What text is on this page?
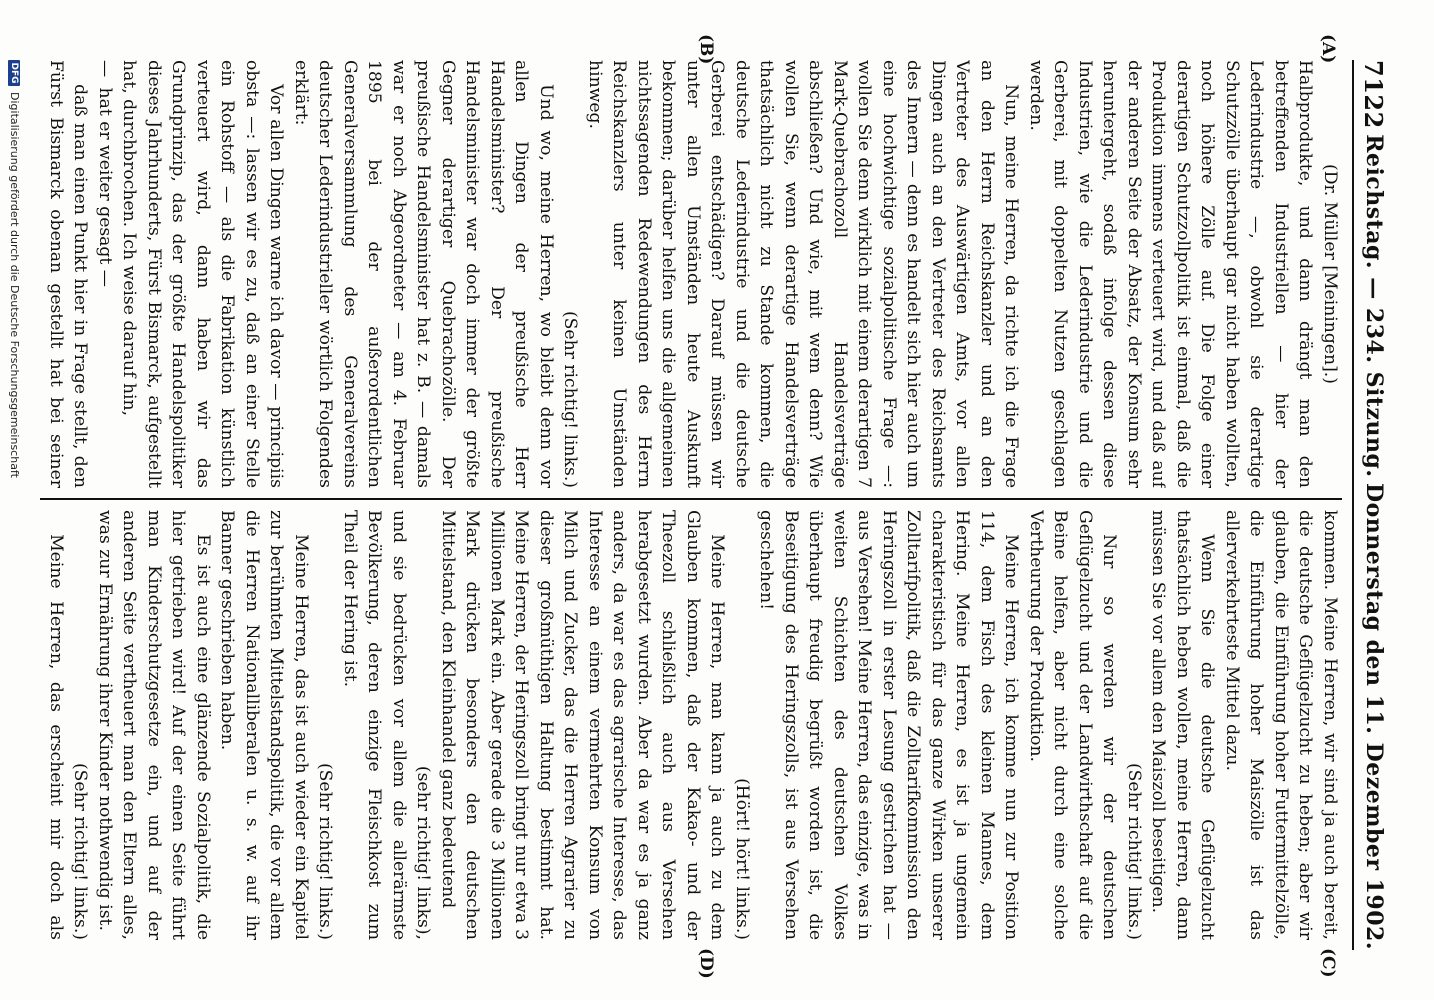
7122
Reichstag. — 234. Sitzung.
Donnerstag den 11. Dezember 1902.
(A)
(B)
(C)
(D)

(Dr. Müller [Meiningen].)

Halbprodukte, und dann drängt man den betreffenden Industriellen — hier der Lederindustrie —, obwohl sie derartige Schutzzölle überhaupt gar nicht haben wollten, noch höhere Zölle auf. Die Folge einer derartigen Schutzzollpolitik ist einmal, daß die Produktion immens verteuert wird, und daß auf der anderen Seite der Absatz, der Konsum sehr heruntergeht, sodaß infolge dessen diese Industrien, wie die Lederindustrie und die Gerberei, mit doppelten Nutzen geschlagen werden.

Nun, meine Herren, da richte ich die Frage an den Herrn Reichskanzler und an den Vertreter des Auswärtigen Amts, vor allen Dingen auch an den Vertreter des Reichsamts des Innern — denn es handelt sich hier auch um eine hochwichtige sozialpolitische Frage —: wollen Sie denn wirklich mit einem derartigen 7 Mark-Quebrachozoll Handelsverträge abschließen? Und wie, mit wem denn? Wie wollen Sie, wenn derartige Handelsverträge thatsächlich nicht zu Stande kommen, die deutsche Lederindustrie und die deutsche Gerberei entschädigen? Darauf müssen wir unter allen Umständen heute Auskunft bekommen; darüber helfen uns die allgemeinen nichtssagenden Redewendungen des Herrn Reichskanzlers unter keinen Umständen hinweg.

(Sehr richtig! links.)

Und wo, meine Herren, wo bleibt denn vor allen Dingen der preußische Herr Handelsminister? Der preußische Handelsminister war doch immer der größte Gegner derartiger Quebrachozölle. Der preußische Handelsminister hat z. B. — damals war er noch Abgeordneter — am 4. Februar 1895 bei der außerordentlichen Generalversammlung des Generalvereins deutscher Lederindustrieller wörtlich Folgendes erklärt:

Vor allen Dingen warne ich davor — principiis obsta —: lassen wir es zu, daß an einer Stelle ein Rohstoff — als die Fabrikation künstlich verteuert wird, dann haben wir das Grundprinzip, das der größte Handelspolitiker dieses Jahrhunderts, Fürst Bismarck, aufgestellt hat, durchbrochen. Ich weise darauf hin,

— hat er weiter gesagt —

daß man einen Punkt hier in Frage stellt, den Fürst Bismarck obenan gestellt hat bei seiner

kommen. Meine Herren, wir sind ja auch bereit, die deutsche Geflügelzucht zu heben; aber wir glauben, die Einführung hoher Futtermittelzölle, die Einführung hoher Maiszölle ist das allerverkehrteste Mittel dazu.

Wenn Sie die deutsche Geflügelzucht thatsächlich heben wollen, meine Herren, dann müssen Sie vor allem den Maiszoll beseitigen.

(Sehr richtig! links.)

Nur so werden wir der deutschen Geflügelzucht und der Landwirthschaft auf die Beine helfen, aber nicht durch eine solche Vertheurung der Produktion.

Meine Herren, ich komme nun zur Position 114, dem Fisch des kleinen Mannes, dem Hering. Meine Herren, es ist ja ungemein charakteristisch für das ganze Wirken unserer Zolltarifpolitik, daß die Zolltarifkommission den Heringszoll in erster Lesung gestrichen hat — aus Versehen! Meine Herren, das einzige, was in weiten Schichten des deutschen Volkes überhaupt freudig begrüßt worden ist, die Beseitigung des Heringszolls, ist aus Versehen geschehen!

(Hört! hört! links.)

Meine Herren, man kann ja auch zu dem Glauben kommen, daß der Kakao- und der Theezoll schließlich auch aus Versehen herabgesetzt wurden. Aber da war es ja ganz anders, da war es das agrarische Interesse, das Interesse an einem vermehrten Konsum von Milch und Zucker, das die Herren Agrarier zu dieser großmüthigen Haltung bestimmt hat. Meine Herren, der Heringszoll bringt nur etwa 3 Millionen Mark ein. Aber gerade die 3 Millionen Mark drücken besonders den deutschen Mittelstand, den Kleinhandel ganz bedeutend

(sehr richtig! links),

und sie bedrücken vor allem die allerärmste Bevölkerung, deren einzige Fleischkost zum Theil der Hering ist.

(Sehr richtig! links.)

Meine Herren, das ist auch wieder ein Kapitel zur berühmten Mittelstandspolitik, die vor allem die Herren Nationalliberalen u. s. w. auf ihr Banner geschrieben haben.

Es ist auch eine glänzende Sozialpolitik, die hier getrieben wird! Auf der einen Seite führt man Kinderschutzgesetze ein, und auf der anderen Seite vertheuert man den Eltern alles, was zur Ernährung ihrer Kinder nothwendig ist.

(Sehr richtig! links.)

Meine Herren, das erscheint mir doch als

DFG
Digitalisierung gefördert durch die Deutsche Forschungsgemeinschaft
